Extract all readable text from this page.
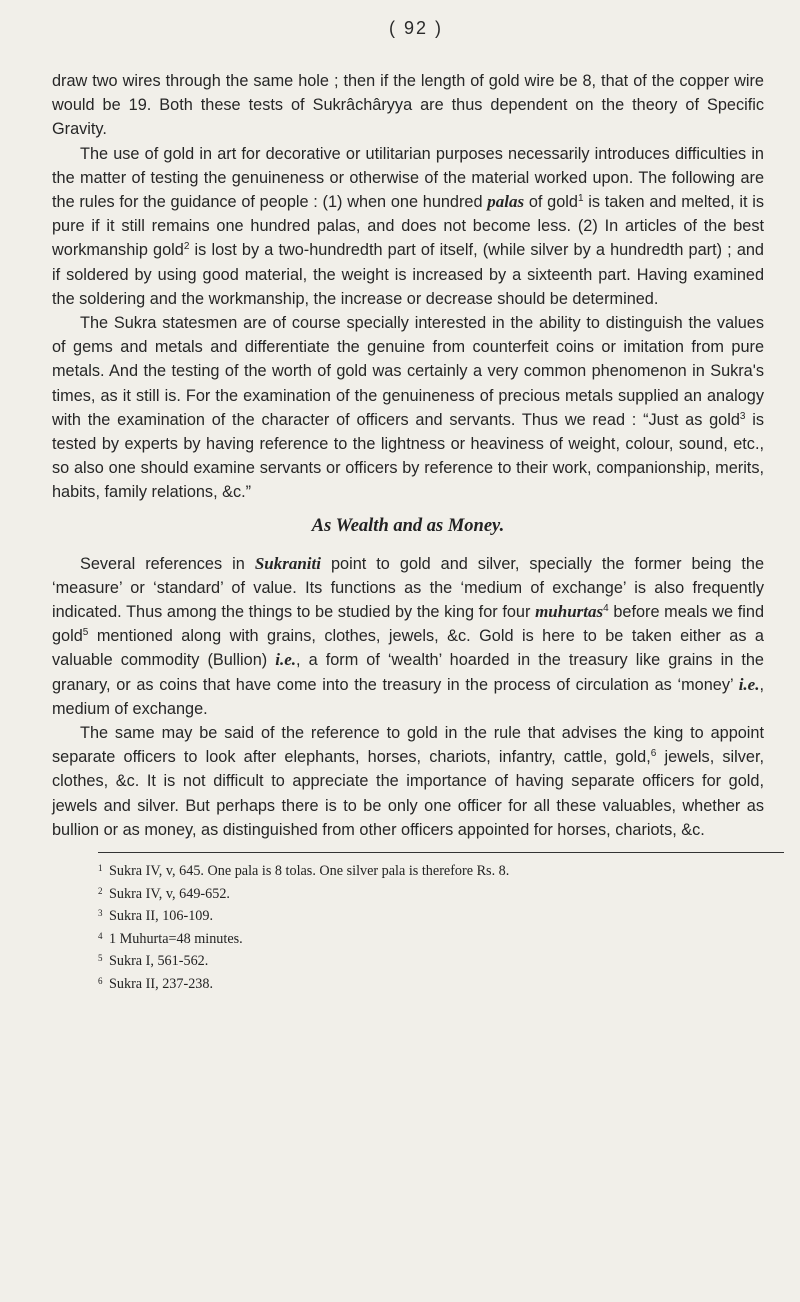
( 92 )

draw two wires through the same hole ; then if the length of gold wire be 8, that of the copper wire would be 19. Both these tests of Sukrâchâryya are thus dependent on the theory of Specific Gravity.

The use of gold in art for decorative or utilitarian purposes necessarily introduces difficulties in the matter of testing the genuineness or otherwise of the material worked upon. The following are the rules for the guidance of people : (1) when one hundred palas of gold$^1$ is taken and melted, it is pure if it still remains one hundred palas, and does not become less. (2) In articles of the best workmanship gold$^2$ is lost by a two-hundredth part of itself, (while silver by a hundredth part) ; and if soldered by using good material, the weight is increased by a sixteenth part. Having examined the soldering and the workmanship, the increase or decrease should be determined.

The Sukra statesmen are of course specially interested in the ability to distinguish the values of gems and metals and differentiate the genuine from counterfeit coins or imitation from pure metals. And the testing of the worth of gold was certainly a very common phenomenon in Sukra's times, as it still is. For the examination of the genuineness of precious metals supplied an analogy with the examination of the character of officers and servants. Thus we read : “Just as gold$^3$ is tested by experts by having reference to the lightness or heaviness of weight, colour, sound, etc., so also one should examine servants or officers by reference to their work, companionship, merits, habits, family relations, &c.”

As Wealth and as Money.

Several references in Sukraniti point to gold and silver, specially the former being the ‘measure’ or ‘standard’ of value. Its functions as the ‘medium of exchange’ is also frequently indicated. Thus among the things to be studied by the king for four muhurtas$^4$ before meals we find gold$^5$ mentioned along with grains, clothes, jewels, &c. Gold is here to be taken either as a valuable commodity (Bullion) i.e., a form of ‘wealth’ hoarded in the treasury like grains in the granary, or as coins that have come into the treasury in the process of circulation as ‘money’ i.e., medium of exchange.

The same may be said of the reference to gold in the rule that advises the king to appoint separate officers to look after elephants, horses, chariots, infantry, cattle, gold,$^6$ jewels, silver, clothes, &c. It is not difficult to appreciate the importance of having separate officers for gold, jewels and silver. But perhaps there is to be only one officer for all these valuables, whether as bullion or as money, as distinguished from other officers appointed for horses, chariots, &c.

1 Sukra IV, v, 645. One pala is 8 tolas. One silver pala is therefore Rs. 8.
2 Sukra IV, v, 649-652.
3 Sukra II, 106-109.
4 1 Muhurta=48 minutes.
5 Sukra I, 561-562.
6 Sukra II, 237-238.
